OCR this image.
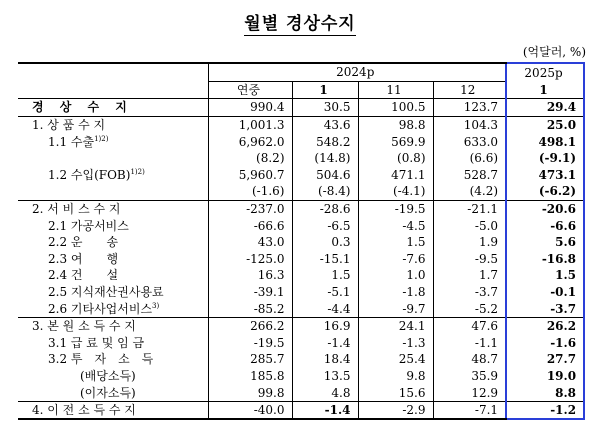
월별 경상수지
(억달러, %)
	2024p				2025p
	연중	1	11	12	1
경 상 수 지	990.4	30.5	100.5	123.7	29.4
1. 상 품 수 지	1,001.3	43.6	98.8	104.3	25.0
1.1 수출$^{1)2)}$	6,962.0	548.2	569.9	633.0	498.1
	(8.2)	(14.8)	(0.8)	(6.6)	(-9.1)
1.2 수입(FOB)$^{1)2)}$	5,960.7	504.6	471.1	528.7	473.1
	(-1.6)	(-8.4)	(-4.1)	(4.2)	(-6.2)
2. 서 비 스 수 지	-237.0	-28.6	-19.5	-21.1	-20.6
2.1 가공서비스	-66.6	-6.5	-4.5	-5.0	-6.6
2.2 운　　송	43.0	0.3	1.5	1.9	5.6
2.3 여　　행	-125.0	-15.1	-7.6	-9.5	-16.8
2.4 건　　설	16.3	1.5	1.0	1.7	1.5
2.5 지식재산권사용료	-39.1	-5.1	-1.8	-3.7	-0.1
2.6 기타사업서비스$^{3)}$	-85.2	-4.4	-9.7	-5.2	-3.7
3. 본 원 소 득 수 지	266.2	16.9	24.1	47.6	26.2
3.1 급 료 및 임 금	-19.5	-1.4	-1.3	-1.1	-1.6
3.2 투　자　소　득	285.7	18.4	25.4	48.7	27.7
(배당소득)	185.8	13.5	9.8	35.9	19.0
(이자소득)	99.8	4.8	15.6	12.9	8.8
4. 이 전 소 득 수 지	-40.0	-1.4	-2.9	-7.1	-1.2
